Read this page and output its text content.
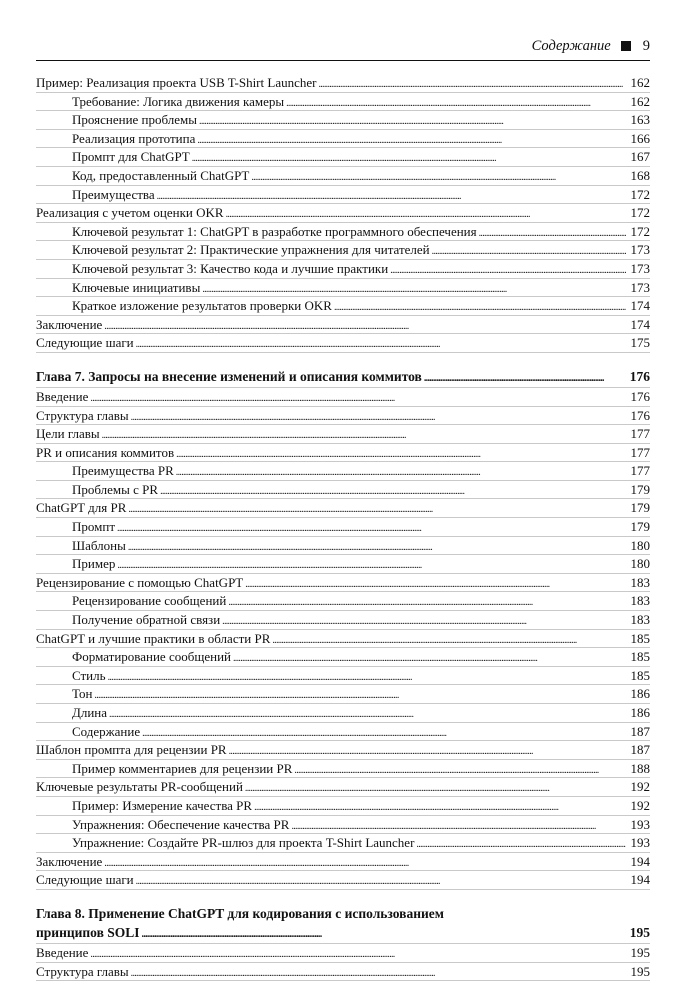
Содержание 9
Пример: Реализация проекта USB T-Shirt Launcher . . .	162
Требование: Логика движения камеры . . .	162
Прояснение проблемы . . .	163
Реализация прототипа . . .	166
Промпт для ChatGPT . . .	167
Код, предоставленный ChatGPT . . .	168
Преимущества . . .	172
Реализация с учетом оценки OKR . . .	172
Ключевой результат 1: ChatGPT в разработке программного обеспечения . . .	172
Ключевой результат 2: Практические упражнения для читателей . . .	173
Ключевой результат 3: Качество кода и лучшие практики . . .	173
Ключевые инициативы . . .	173
Краткое изложение результатов проверки OKR . . .	174
Заключение . . .	174
Следующие шаги . . .	175
Глава 7. Запросы на внесение изменений и описания коммитов . . .	176
Введение . . .	176
Структура главы . . .	176
Цели главы . . .	177
PR и описания коммитов . . .	177
Преимущества PR . . .	177
Проблемы с PR . . .	179
ChatGPT для PR . . .	179
Промпт . . .	179
Шаблоны . . .	180
Пример . . .	180
Рецензирование с помощью ChatGPT . . .	183
Рецензирование сообщений . . .	183
Получение обратной связи . . .	183
ChatGPT и лучшие практики в области PR . . .	185
Форматирование сообщений . . .	185
Стиль . . .	185
Тон . . .	186
Длина . . .	186
Содержание . . .	187
Шаблон промпта для рецензии PR . . .	187
Пример комментариев для рецензии PR . . .	188
Ключевые результаты PR-сообщений . . .	192
Пример: Измерение качества PR . . .	192
Упражнения: Обеспечение качества PR . . .	193
Упражнение: Создайте PR-шлюз для проекта T-Shirt Launcher . . .	193
Заключение . . .	194
Следующие шаги . . .	194
Глава 8. Применение ChatGPT для кодирования с использованием
принципов SOLI . . .	195
Введение . . .	195
Структура главы . . .	195
